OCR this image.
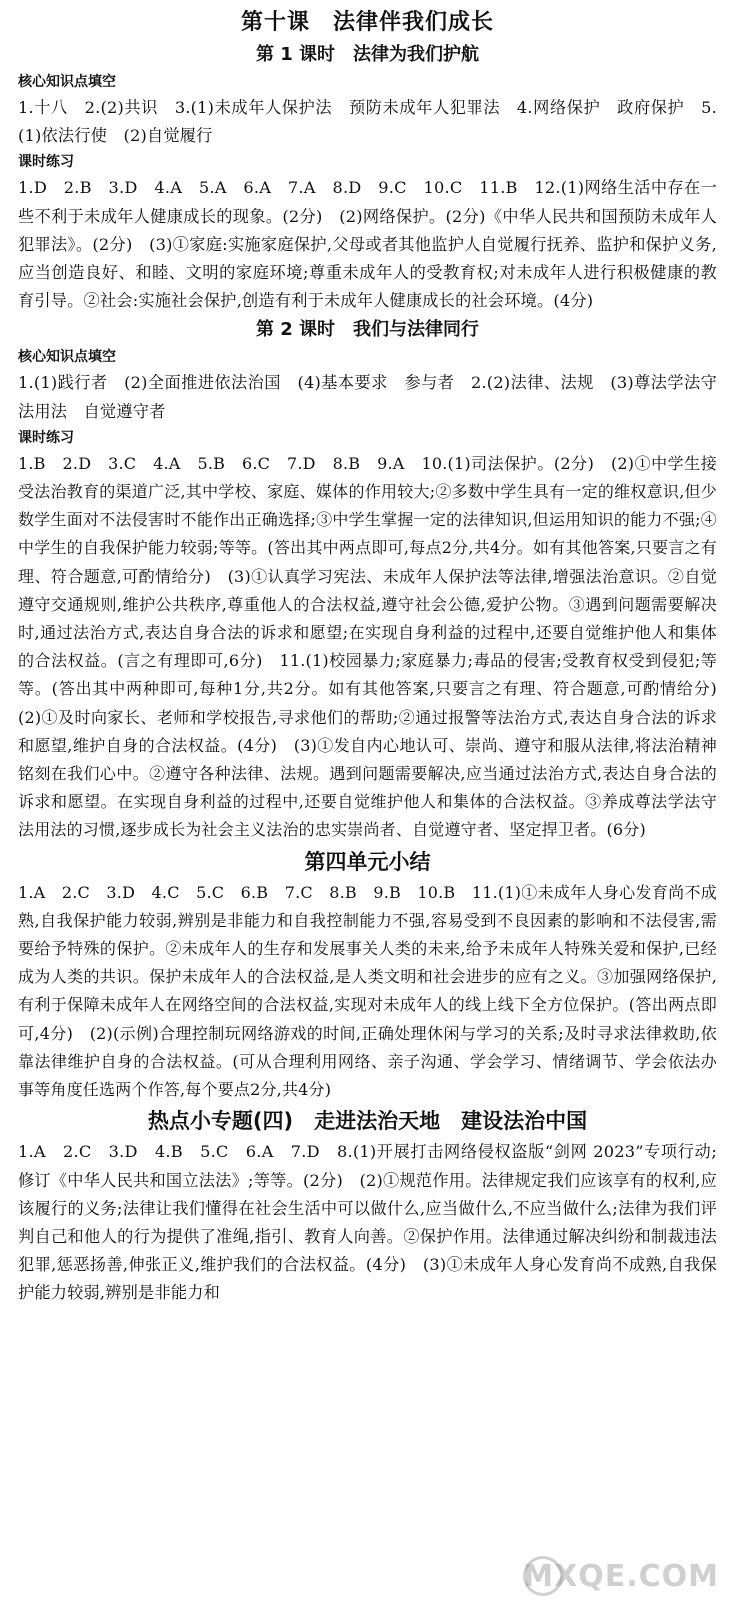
第十课　法律伴我们成长
第 1 课时　法律为我们护航
核心知识点填空

1.十八　2.(2)共识　3.(1)未成年人保护法　预防未成年人犯罪法　4.网络保护　政府保护　5.(1)依法行使　(2)自觉履行

课时练习

1.D　2.B　3.D　4.A　5.A　6.A　7.A　8.D　9.C　10.C　11.B　12.(1)网络生活中存在一些不利于未成年人健康成长的现象。(2分)　(2)网络保护。(2分)《中华人民共和国预防未成年人犯罪法》。(2分)　(3)①家庭:实施家庭保护,父母或者其他监护人自觉履行抚养、监护和保护义务,应当创造良好、和睦、文明的家庭环境;尊重未成年人的受教育权;对未成年人进行积极健康的教育引导。②社会:实施社会保护,创造有利于未成年人健康成长的社会环境。(4分)

第 2 课时　我们与法律同行
核心知识点填空

1.(1)践行者　(2)全面推进依法治国　(4)基本要求　参与者　2.(2)法律、法规　(3)尊法学法守法用法　自觉遵守者

课时练习

1.B　2.D　3.C　4.A　5.B　6.C　7.D　8.B　9.A　10.(1)司法保护。(2分)　(2)①中学生接受法治教育的渠道广泛,其中学校、家庭、媒体的作用较大;②多数中学生具有一定的维权意识,但少数学生面对不法侵害时不能作出正确选择;③中学生掌握一定的法律知识,但运用知识的能力不强;④中学生的自我保护能力较弱;等等。(答出其中两点即可,每点2分,共4分。如有其他答案,只要言之有理、符合题意,可酌情给分)　(3)①认真学习宪法、未成年人保护法等法律,增强法治意识。②自觉遵守交通规则,维护公共秩序,尊重他人的合法权益,遵守社会公德,爱护公物。③遇到问题需要解决时,通过法治方式,表达自身合法的诉求和愿望;在实现自身利益的过程中,还要自觉维护他人和集体的合法权益。(言之有理即可,6分)　11.(1)校园暴力;家庭暴力;毒品的侵害;受教育权受到侵犯;等等。(答出其中两种即可,每种1分,共2分。如有其他答案,只要言之有理、符合题意,可酌情给分)　(2)①及时向家长、老师和学校报告,寻求他们的帮助;②通过报警等法治方式,表达自身合法的诉求和愿望,维护自身的合法权益。(4分)　(3)①发自内心地认可、崇尚、遵守和服从法律,将法治精神铭刻在我们心中。②遵守各种法律、法规。遇到问题需要解决,应当通过法治方式,表达自身合法的诉求和愿望。在实现自身利益的过程中,还要自觉维护他人和集体的合法权益。③养成尊法学法守法用法的习惯,逐步成长为社会主义法治的忠实崇尚者、自觉遵守者、坚定捍卫者。(6分)

第四单元小结

1.A　2.C　3.D　4.C　5.C　6.B　7.C　8.B　9.B　10.B　11.(1)①未成年人身心发育尚不成熟,自我保护能力较弱,辨别是非能力和自我控制能力不强,容易受到不良因素的影响和不法侵害,需要给予特殊的保护。②未成年人的生存和发展事关人类的未来,给予未成年人特殊关爱和保护,已经成为人类的共识。保护未成年人的合法权益,是人类文明和社会进步的应有之义。③加强网络保护,有利于保障未成年人在网络空间的合法权益,实现对未成年人的线上线下全方位保护。(答出两点即可,4分)　(2)(示例)合理控制玩网络游戏的时间,正确处理休闲与学习的关系;及时寻求法律救助,依靠法律维护自身的合法权益。(可从合理利用网络、亲子沟通、学会学习、情绪调节、学会依法办事等角度任选两个作答,每个要点2分,共4分)

热点小专题(四)　走进法治天地　建设法治中国

1.A　2.C　3.D　4.B　5.C　6.A　7.D　8.(1)开展打击网络侵权盗版“剑网 2023”专项行动;修订《中华人民共和国立法法》;等等。(2分)　(2)①规范作用。法律规定我们应该享有的权利,应该履行的义务;法律让我们懂得在社会生活中可以做什么,应当做什么,不应当做什么;法律为我们评判自己和他人的行为提供了准绳,指引、教育人向善。②保护作用。法律通过解决纠纷和制裁违法犯罪,惩恶扬善,伸张正义,维护我们的合法权益。(4分)　(3)①未成年人身心发育尚不成熟,自我保护能力较弱,辨别是非能力和

MXQE.COM
